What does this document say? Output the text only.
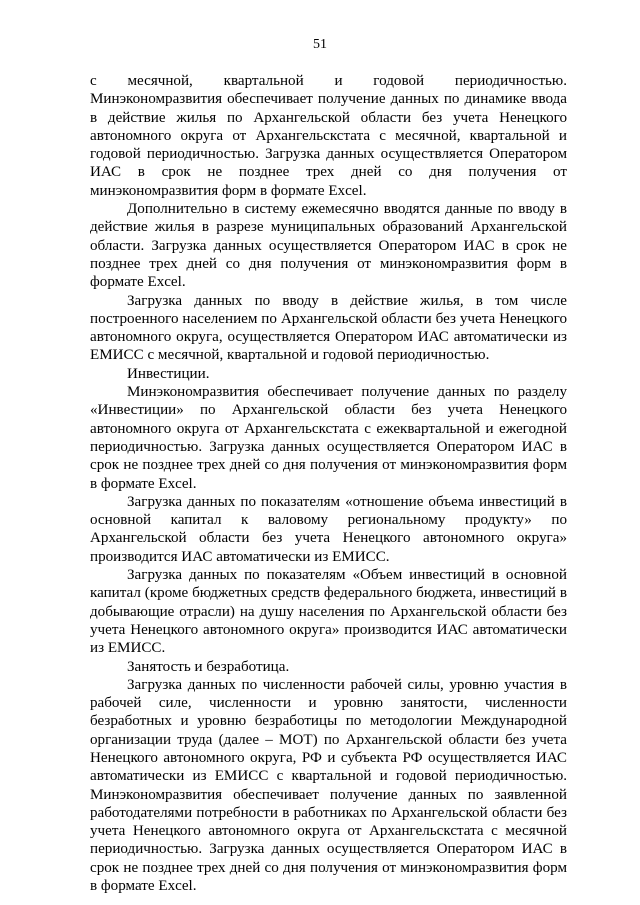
51

с месячной, квартальной и годовой периодичностью. Минэкономразвития обеспечивает получение данных по динамике ввода в действие жилья по Архангельской области без учета Ненецкого автономного округа от Архангельскстата с месячной, квартальной и годовой периодичностью. Загрузка данных осуществляется Оператором ИАС в срок не позднее трех дней со дня получения от минэкономразвития форм в формате Excel.

Дополнительно в систему ежемесячно вводятся данные по вводу в действие жилья в разрезе муниципальных образований Архангельской области. Загрузка данных осуществляется Оператором ИАС в срок не позднее трех дней со дня получения от минэкономразвития форм в формате Excel.

Загрузка данных по вводу в действие жилья, в том числе построенного населением по Архангельской области без учета Ненецкого автономного округа, осуществляется Оператором ИАС автоматически из ЕМИСС с месячной, квартальной и годовой периодичностью.

Инвестиции.

Минэкономразвития обеспечивает получение данных по разделу «Инвестиции» по Архангельской области без учета Ненецкого автономного округа от Архангельскстата с ежеквартальной и ежегодной периодичностью. Загрузка данных осуществляется Оператором ИАС в срок не позднее трех дней со дня получения от минэкономразвития форм в формате Excel.

Загрузка данных по показателям «отношение объема инвестиций в основной капитал к валовому региональному продукту» по Архангельской области без учета Ненецкого автономного округа» производится ИАС автоматически из ЕМИСС.

Загрузка данных по показателям «Объем инвестиций в основной капитал (кроме бюджетных средств федерального бюджета, инвестиций в добывающие отрасли) на душу населения по Архангельской области без учета Ненецкого автономного округа» производится ИАС автоматически из ЕМИСС.

Занятость и безработица.

Загрузка данных по численности рабочей силы, уровню участия в рабочей силе, численности и уровню занятости, численности безработных и уровню безработицы по методологии Международной организации труда (далее – МОТ) по Архангельской области без учета Ненецкого автономного округа, РФ и субъекта РФ осуществляется ИАС автоматически из ЕМИСС с квартальной и годовой периодичностью. Минэкономразвития обеспечивает получение данных по заявленной работодателями потребности в работниках по Архангельской области без учета Ненецкого автономного округа от Архангельскстата с месячной периодичностью. Загрузка данных осуществляется Оператором ИАС в срок не позднее трех дней со дня получения от минэкономразвития форм в формате Excel.
